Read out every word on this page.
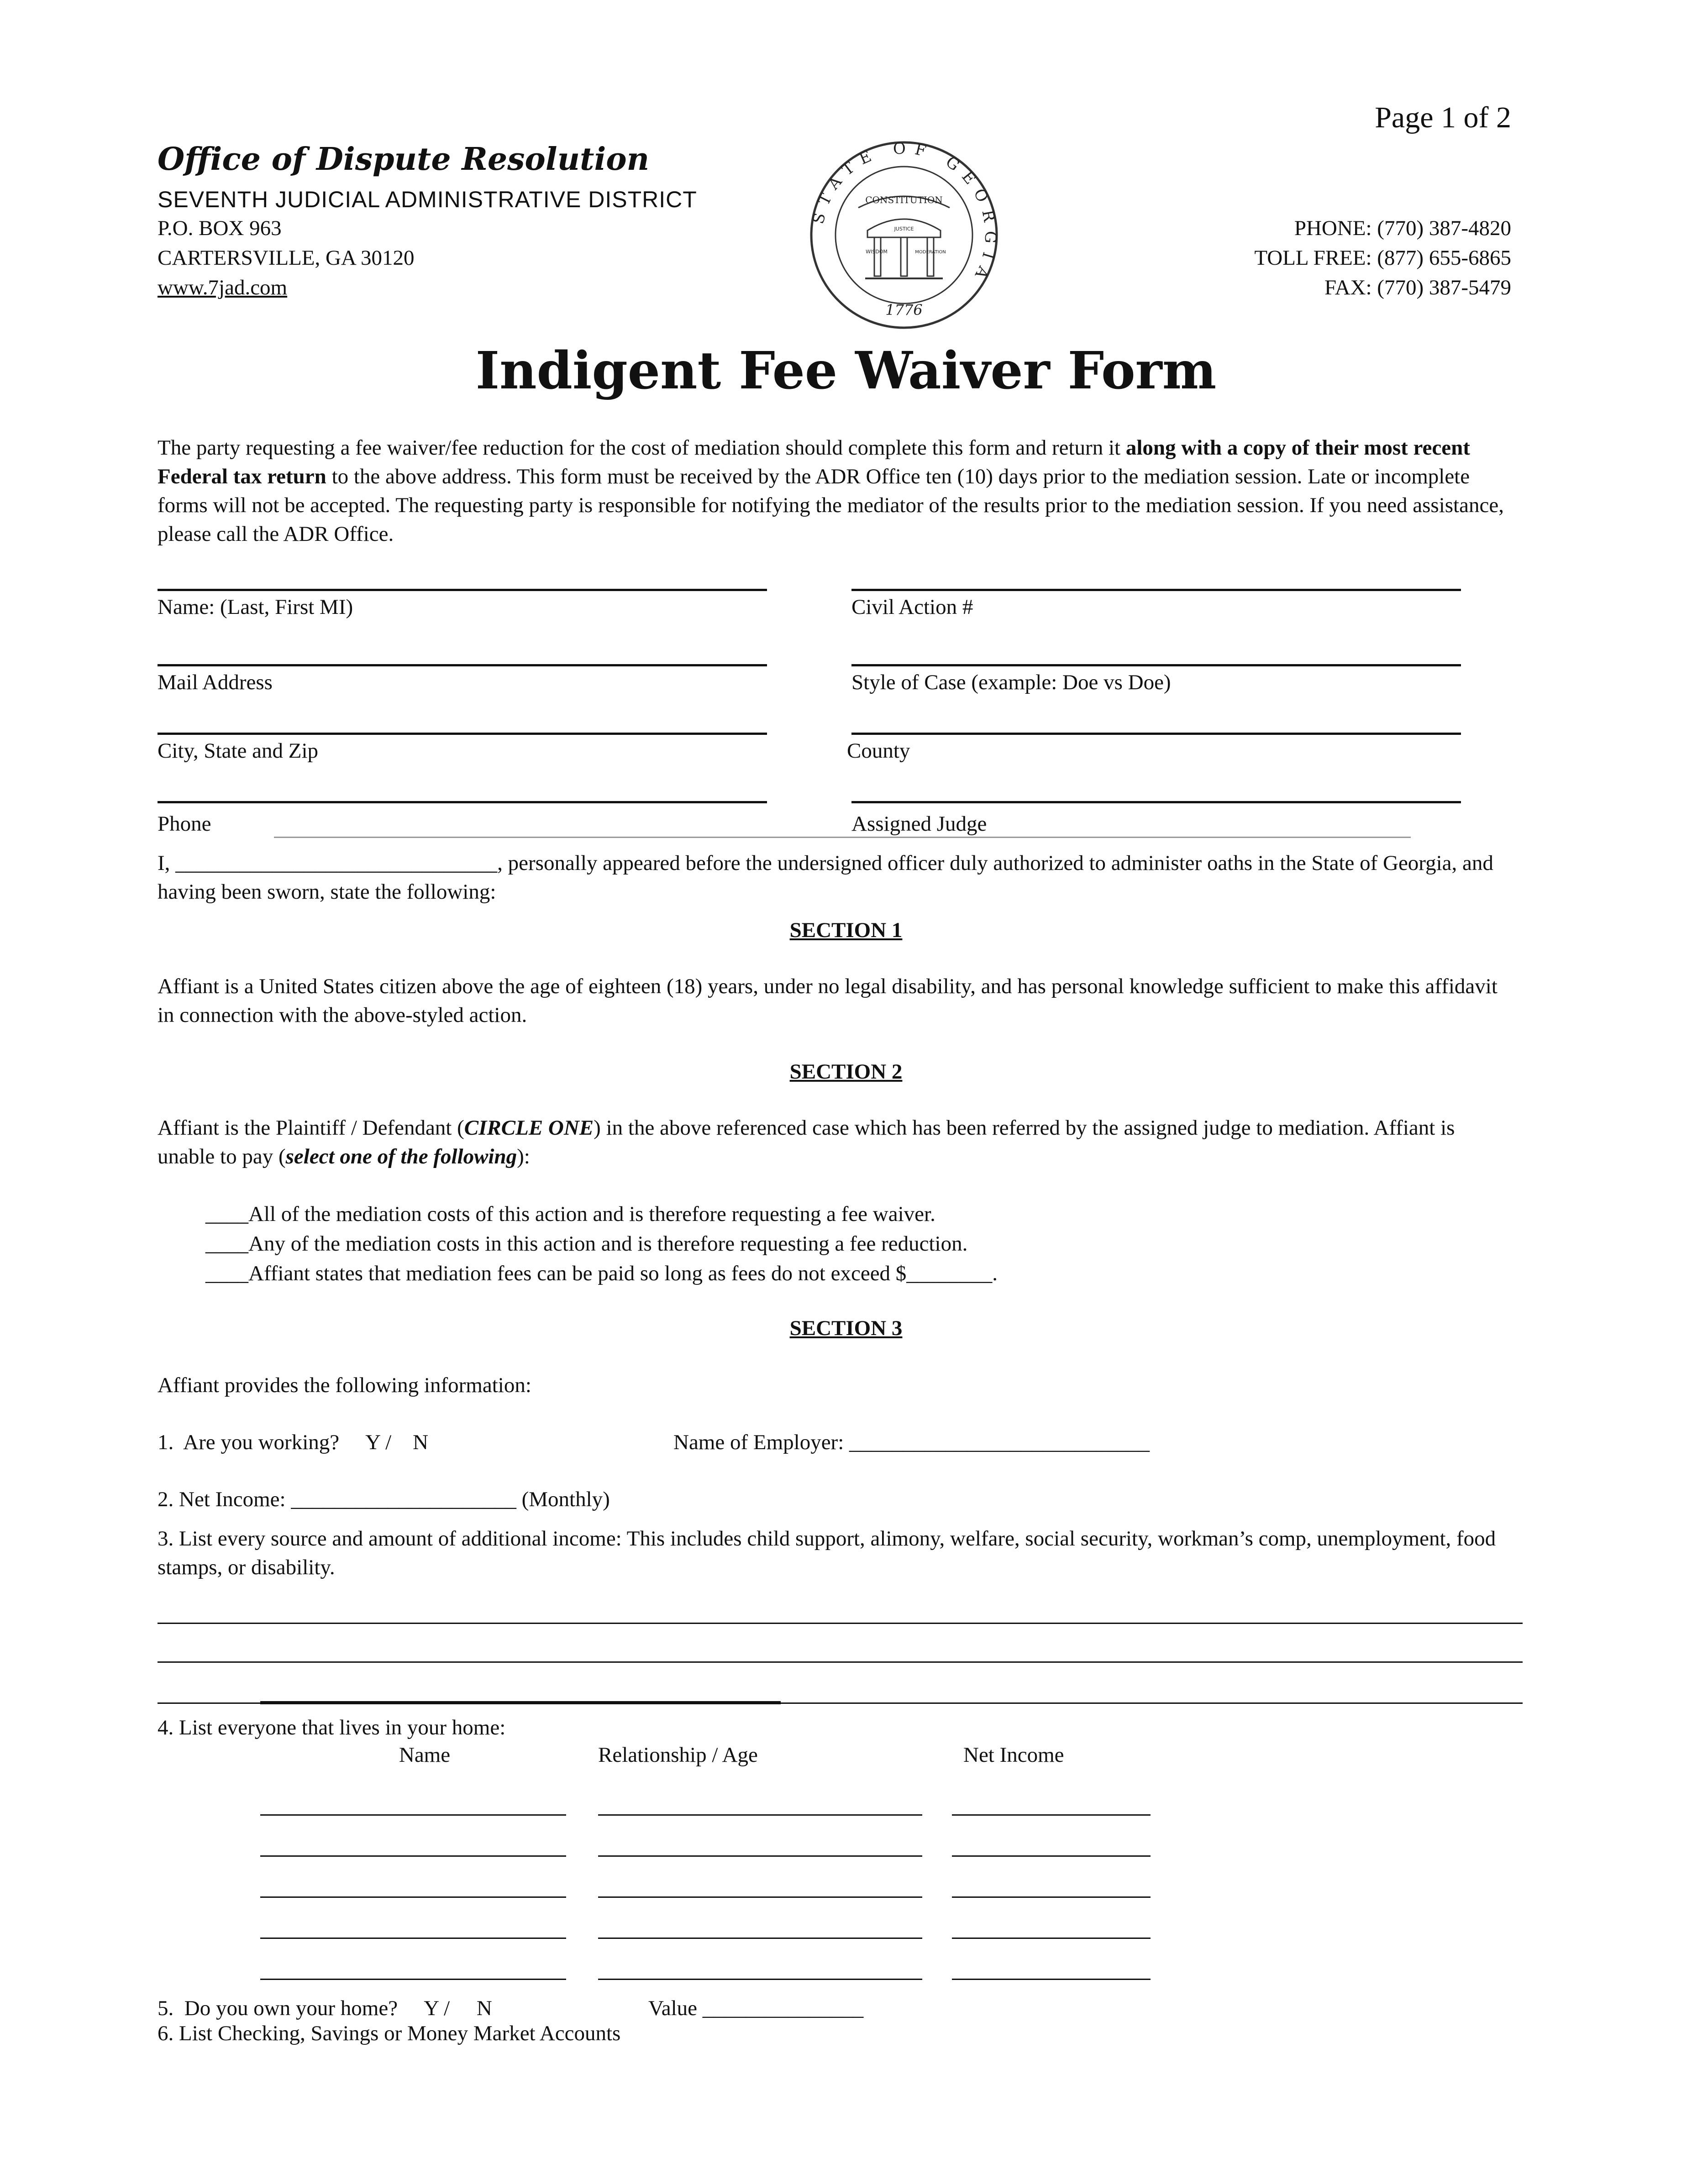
Page 1 of 2
Office of Dispute Resolution
SEVENTH JUDICIAL ADMINISTRATIVE DISTRICT
P.O. BOX 963
CARTERSVILLE, GA 30120
www.7jad.com
STATE OF GEORGIA
CONSTITUTION
1776
WISDOM
JUSTICE
MODERATION
PHONE: (770) 387-4820
TOLL FREE: (877) 655-6865
FAX: (770) 387-5479
Indigent Fee Waiver Form
The party requesting a fee waiver/fee reduction for the cost of mediation should complete this form and return it along with a copy of their most recent Federal tax return to the above address. This form must be received by the ADR Office ten (10) days prior to the mediation session. Late or incomplete forms will not be accepted. The requesting party is responsible for notifying the mediator of the results prior to the mediation session. If you need assistance, please call the ADR Office.
Name: (Last, First MI)	Civil Action #
Mail Address	Style of Case (example: Doe vs Doe)
City, State and Zip	County
Phone	Assigned Judge
I, ______________________________, personally appeared before the undersigned officer duly authorized to administer oaths in the State of Georgia, and having been sworn, state the following:
SECTION 1
Affiant is a United States citizen above the age of eighteen (18) years, under no legal disability, and has personal knowledge sufficient to make this affidavit in connection with the above-styled action.
SECTION 2
Affiant is the Plaintiff / Defendant (CIRCLE ONE) in the above referenced case which has been referred by the assigned judge to mediation. Affiant is unable to pay (select one of the following):
____All of the mediation costs of this action and is therefore requesting a fee waiver.
____Any of the mediation costs in this action and is therefore requesting a fee reduction.
____Affiant states that mediation fees can be paid so long as fees do not exceed $________.
SECTION 3
Affiant provides the following information:
1.  Are you working?     Y /    N	Name of Employer: ____________________________
2. Net Income: _____________________ (Monthly)
3. List every source and amount of additional income: This includes child support, alimony, welfare, social security, workman’s comp, unemployment, food stamps, or disability.
4. List everyone that lives in your home:
Name	Relationship / Age	Net Income
5.  Do you own your home?     Y /     N	Value _______________
6. List Checking, Savings or Money Market Accounts
